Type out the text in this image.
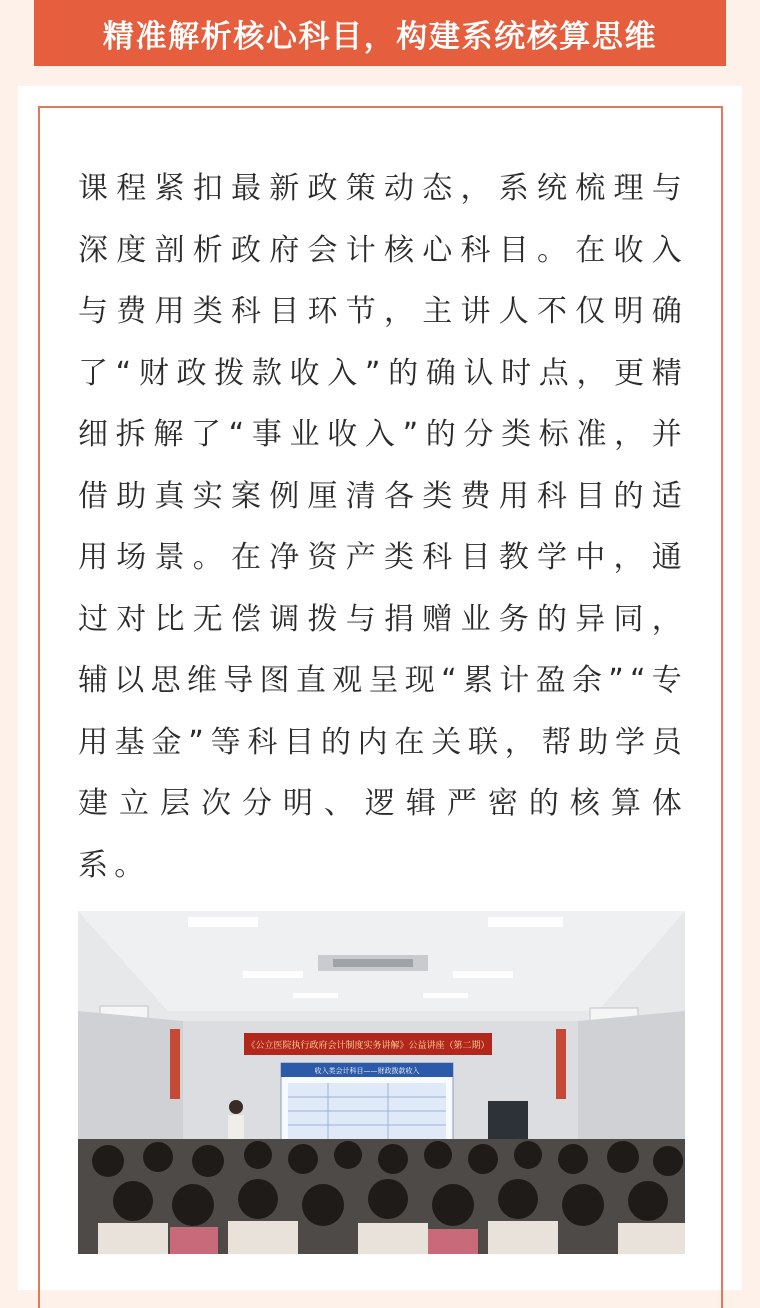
精准解析核心科目，构建系统核算思维

课程紧扣最新政策动态，系统梳理与深度剖析政府会计核心科目。在收入与费用类科目环节，主讲人不仅明确了“财政拨款收入”的确认时点，更精细拆解了“事业收入”的分类标准，并借助真实案例厘清各类费用科目的适用场景。在净资产类科目教学中，通过对比无偿调拨与捐赠业务的异同，辅以思维导图直观呈现“累计盈余”“专用基金”等科目的内在关联，帮助学员建立层次分明、逻辑严密的核算体系。

《公立医院执行政府会计制度实务讲解》公益讲座（第二期）
收入类会计科目——财政拨款收入
